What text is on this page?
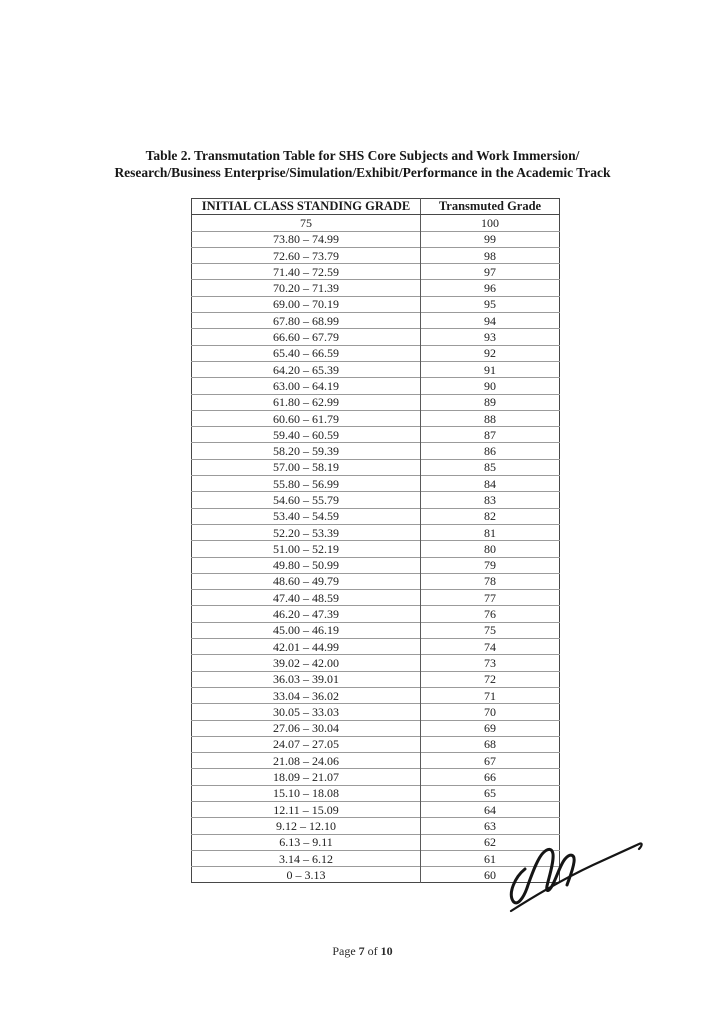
Table 2. Transmutation Table for SHS Core Subjects and Work Immersion/
Research/Business Enterprise/Simulation/Exhibit/Performance in the Academic Track
INITIAL CLASS STANDING GRADE	Transmuted Grade
75	100
73.80 – 74.99	99
72.60 – 73.79	98
71.40 – 72.59	97
70.20 – 71.39	96
69.00 – 70.19	95
67.80 – 68.99	94
66.60 – 67.79	93
65.40 – 66.59	92
64.20 – 65.39	91
63.00 – 64.19	90
61.80 – 62.99	89
60.60 – 61.79	88
59.40 – 60.59	87
58.20 – 59.39	86
57.00 – 58.19	85
55.80 – 56.99	84
54.60 – 55.79	83
53.40 – 54.59	82
52.20 – 53.39	81
51.00 – 52.19	80
49.80 – 50.99	79
48.60 – 49.79	78
47.40 – 48.59	77
46.20 – 47.39	76
45.00 – 46.19	75
42.01 – 44.99	74
39.02 – 42.00	73
36.03 – 39.01	72
33.04 – 36.02	71
30.05 – 33.03	70
27.06 – 30.04	69
24.07 – 27.05	68
21.08 – 24.06	67
18.09 – 21.07	66
15.10 – 18.08	65
12.11 – 15.09	64
9.12 – 12.10	63
6.13 – 9.11	62
3.14 – 6.12	61
0 – 3.13	60
Page 7 of 10
